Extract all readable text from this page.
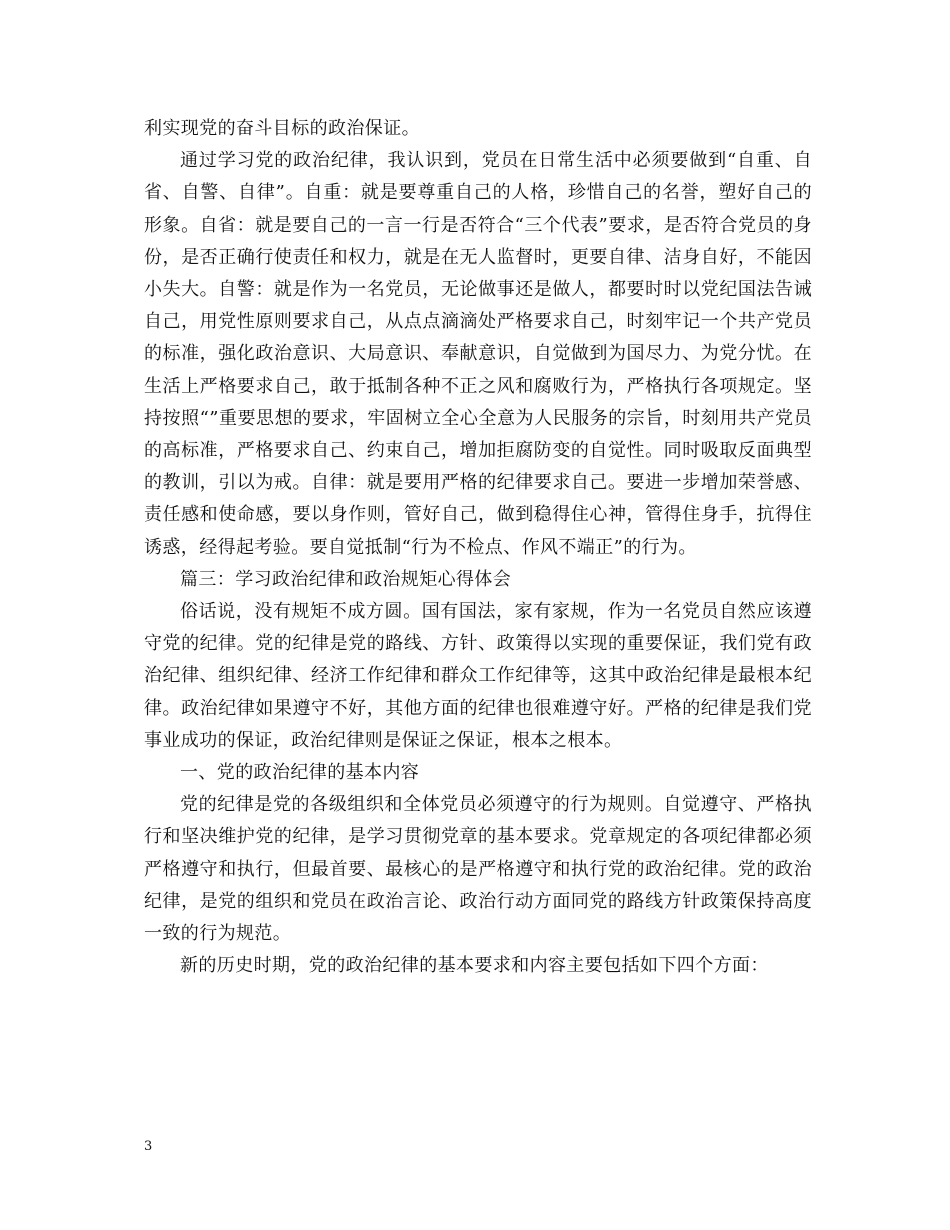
利实现党的奋斗目标的政治保证。

通过学习党的政治纪律，我认识到，党员在日常生活中必须要做到“自重、自省、自警、自律”。自重：就是要尊重自己的人格，珍惜自己的名誉，塑好自己的形象。自省：就是要自己的一言一行是否符合“三个代表”要求，是否符合党员的身份，是否正确行使责任和权力，就是在无人监督时，更要自律、洁身自好，不能因小失大。自警：就是作为一名党员，无论做事还是做人，都要时时以党纪国法告诫自己，用党性原则要求自己，从点点滴滴处严格要求自己，时刻牢记一个共产党员的标准，强化政治意识、大局意识、奉献意识，自觉做到为国尽力、为党分忧。在生活上严格要求自己，敢于抵制各种不正之风和腐败行为，严格执行各项规定。坚持按照“”重要思想的要求，牢固树立全心全意为人民服务的宗旨，时刻用共产党员的高标准，严格要求自己、约束自己，增加拒腐防变的自觉性。同时吸取反面典型的教训，引以为戒。自律：就是要用严格的纪律要求自己。要进一步增加荣誉感、责任感和使命感，要以身作则，管好自己，做到稳得住心神，管得住身手，抗得住诱惑，经得起考验。要自觉抵制“行为不检点、作风不端正”的行为。

篇三：学习政治纪律和政治规矩心得体会

俗话说，没有规矩不成方圆。国有国法，家有家规，作为一名党员自然应该遵守党的纪律。党的纪律是党的路线、方针、政策得以实现的重要保证，我们党有政治纪律、组织纪律、经济工作纪律和群众工作纪律等，这其中政治纪律是最根本纪律。政治纪律如果遵守不好，其他方面的纪律也很难遵守好。严格的纪律是我们党事业成功的保证，政治纪律则是保证之保证，根本之根本。

一、党的政治纪律的基本内容

党的纪律是党的各级组织和全体党员必须遵守的行为规则。自觉遵守、严格执行和坚决维护党的纪律，是学习贯彻党章的基本要求。党章规定的各项纪律都必须严格遵守和执行，但最首要、最核心的是严格遵守和执行党的政治纪律。党的政治纪律，是党的组织和党员在政治言论、政治行动方面同党的路线方针政策保持高度一致的行为规范。

新的历史时期，党的政治纪律的基本要求和内容主要包括如下四个方面：

3
